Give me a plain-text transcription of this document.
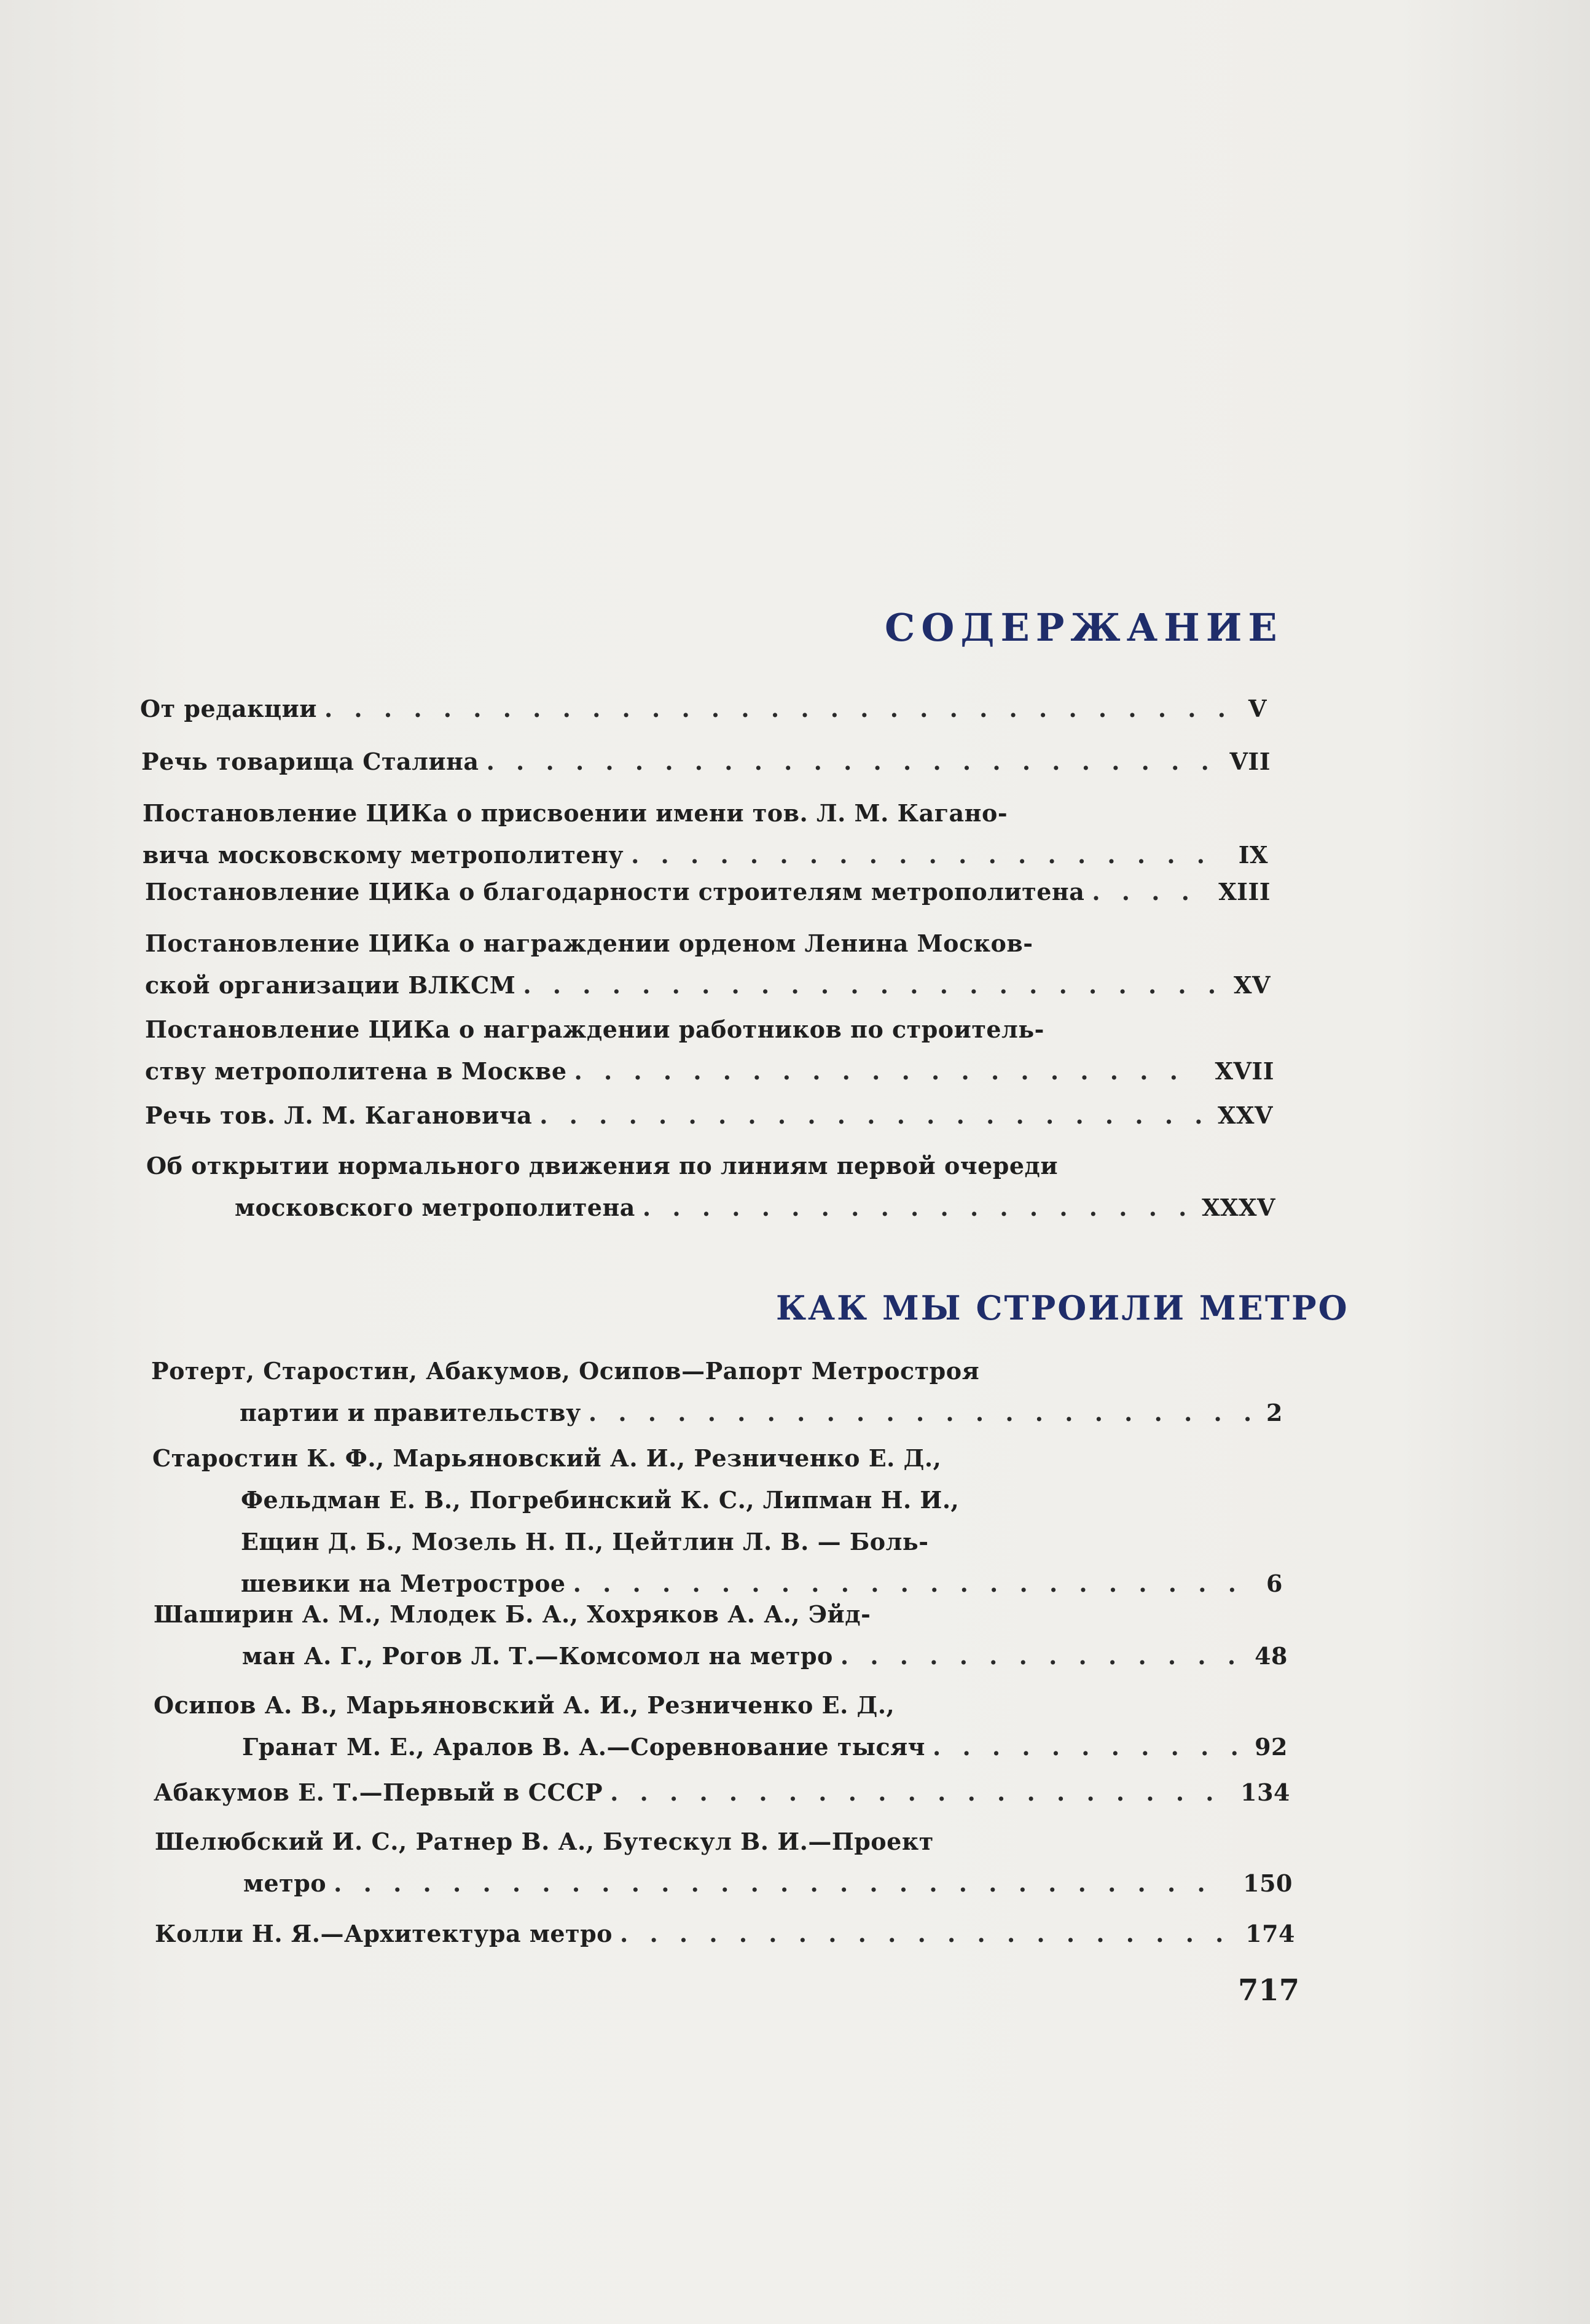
СОДЕРЖАНИЕ
От редакции . . .	V
Речь товарища Сталина . . .	VII
Постановление ЦИКа о присвоении имени тов. Л. М. Кагано-
вича московскому метрополитену . . .	IX
Постановление ЦИКа о благодарности строителям метрополитена . . .	XIII
Постановление ЦИКа о награждении орденом Ленина Москов-
ской организации ВЛКСМ . . .	XV
Постановление ЦИКа о награждении работников по строитель-
ству метрополитена в Москве . . .	XVII
Речь тов. Л. М. Кагановича . . .	XXV
Об открытии нормального движения по линиям первой очереди
московского метрополитена . . .	XXXV
КАК МЫ СТРОИЛИ МЕТРО
Ротерт, Старостин, Абакумов, Осипов—Рапорт Метростроя
партии и правительству . . .	2
Старостин К. Ф., Марьяновский А. И., Резниченко Е. Д.,
Фельдман Е. В., Погребинский К. С., Липман Н. И.,
Ещин Д. Б., Мозель Н. П., Цейтлин Л. В. — Боль-
шевики на Метрострое . . .	6
Шаширин А. М., Млодек Б. А., Хохряков А. А., Эйд-
ман А. Г., Рогов Л. Т.—Комсомол на метро . . .	48
Осипов А. В., Марьяновский А. И., Резниченко Е. Д.,
Гранат М. Е., Аралов В. А.—Соревнование тысяч . . .	92
Абакумов Е. Т.—Первый в СССР . . .	134
Шелюбский И. С., Ратнер В. А., Бутескул В. И.—Проект
метро . . .	150
Колли Н. Я.—Архитектура метро . . .	174
717
